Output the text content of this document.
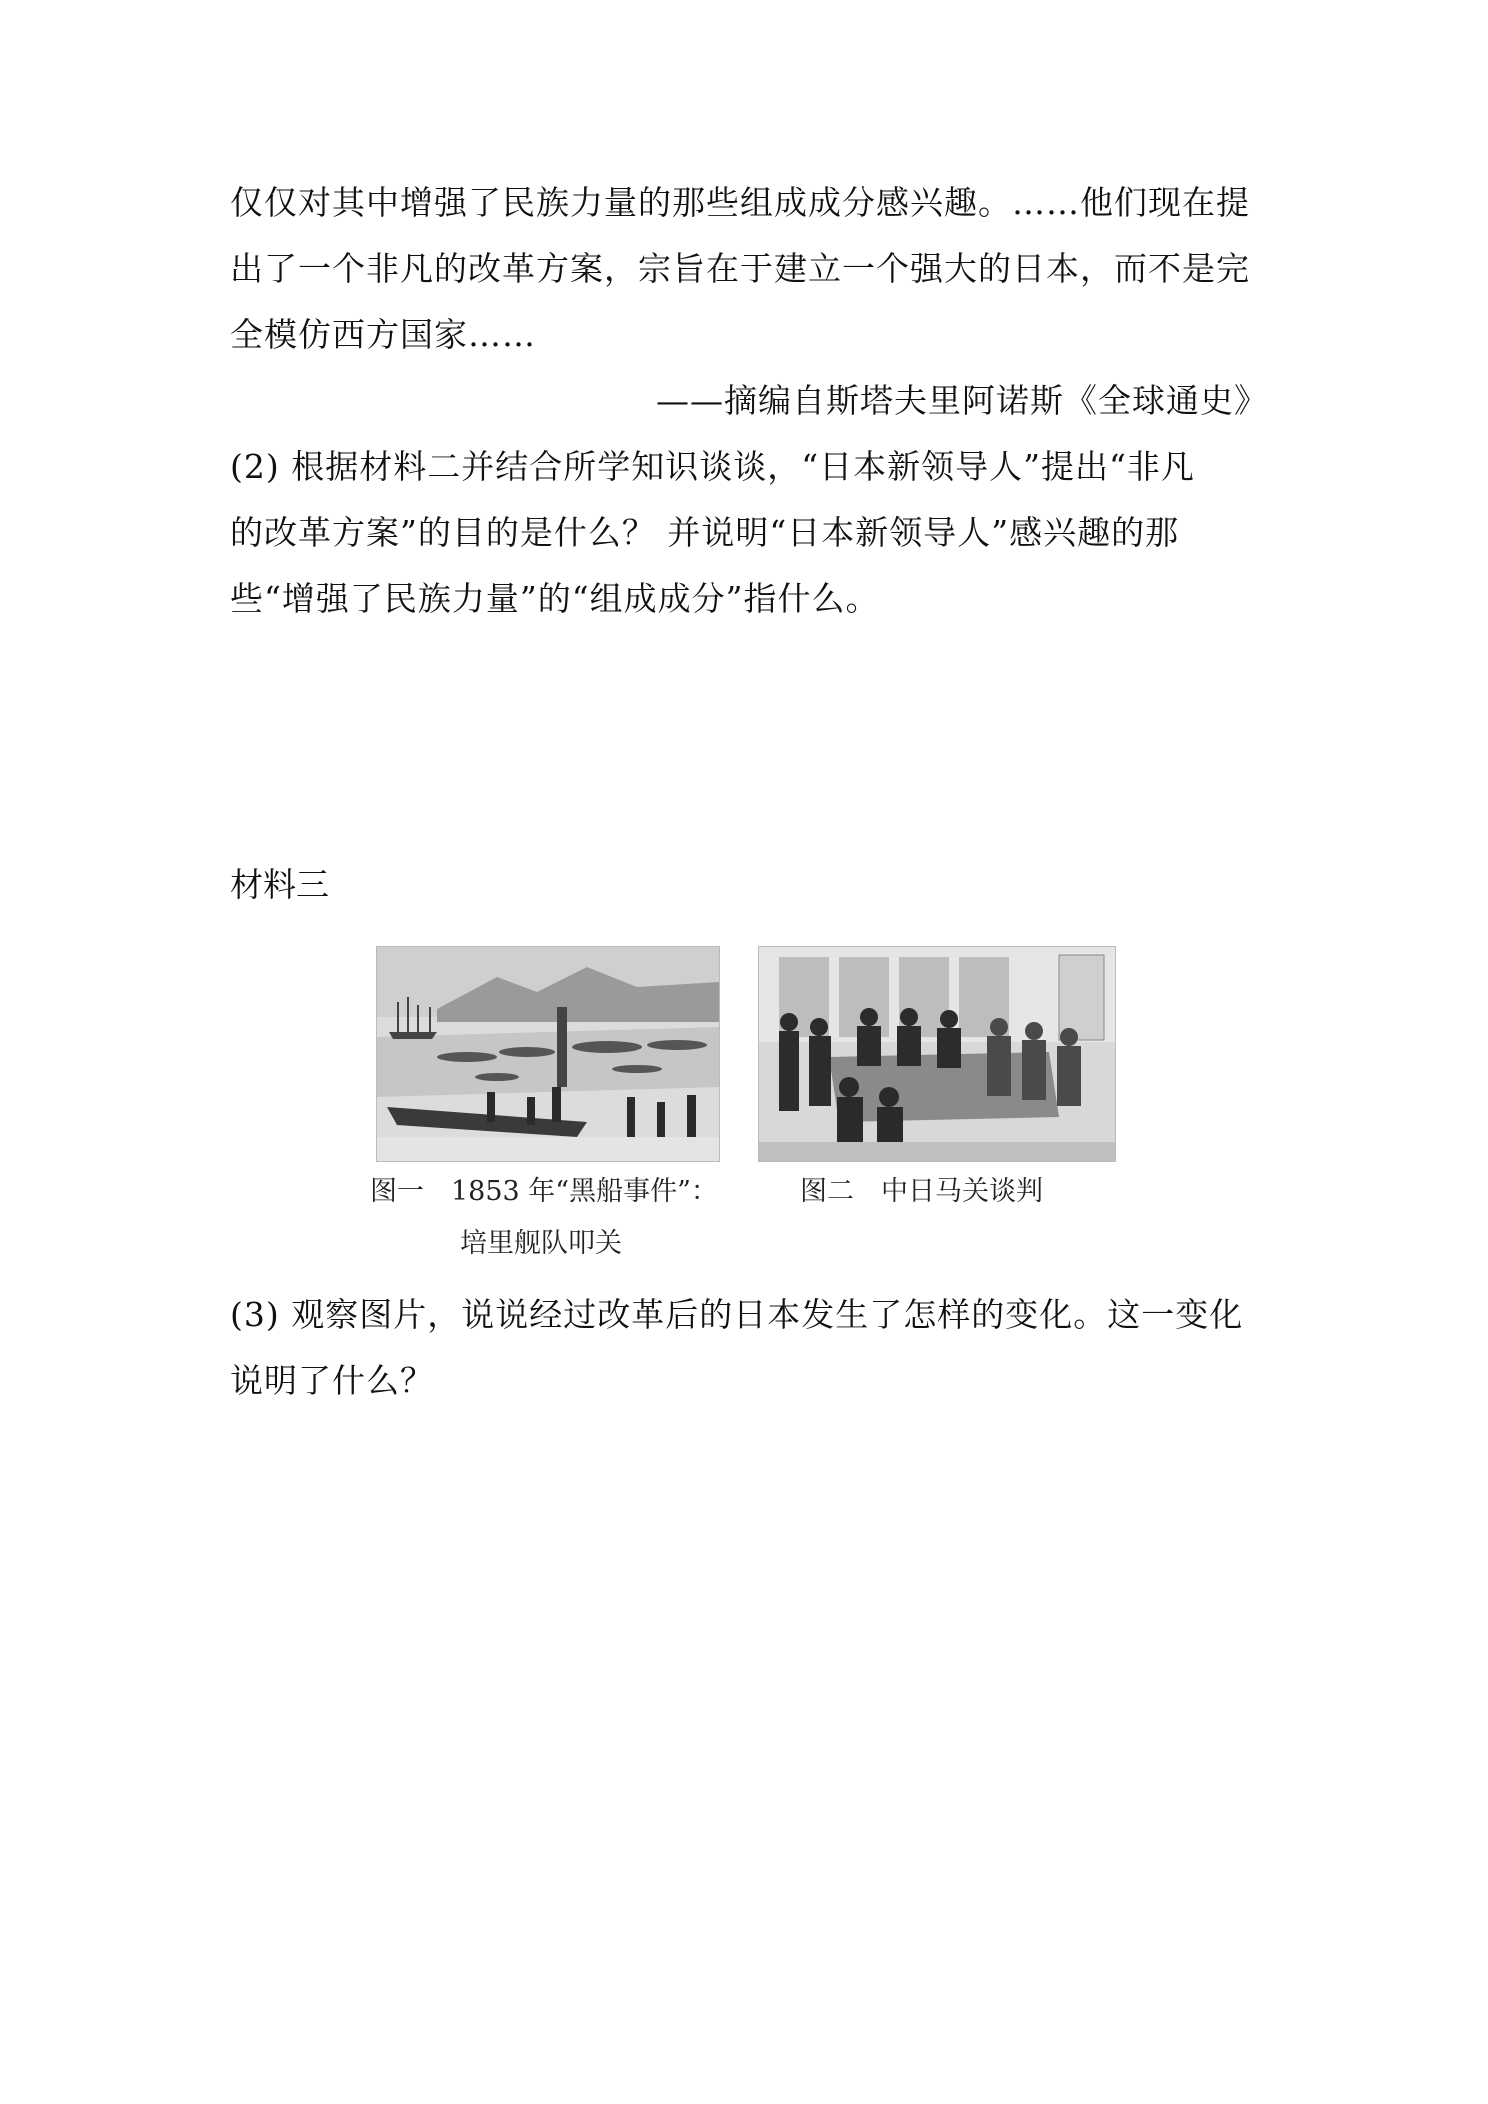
仅仅对其中增强了民族力量的那些组成成分感兴趣。……他们现在提
出了一个非凡的改革方案，宗旨在于建立一个强大的日本，而不是完
全模仿西方国家……
——摘编自斯塔夫里阿诺斯《全球通史》
(2) 根据材料二并结合所学知识谈谈，“日本新领导人”提出“非凡
的改革方案”的目的是什么？ 并说明“日本新领导人”感兴趣的那
些“增强了民族力量”的“组成成分”指什么。
材料三
图一　1853 年“黑船事件”：
培里舰队叩关
图二　中日马关谈判
(3) 观察图片，说说经过改革后的日本发生了怎样的变化。这一变化
说明了什么？
